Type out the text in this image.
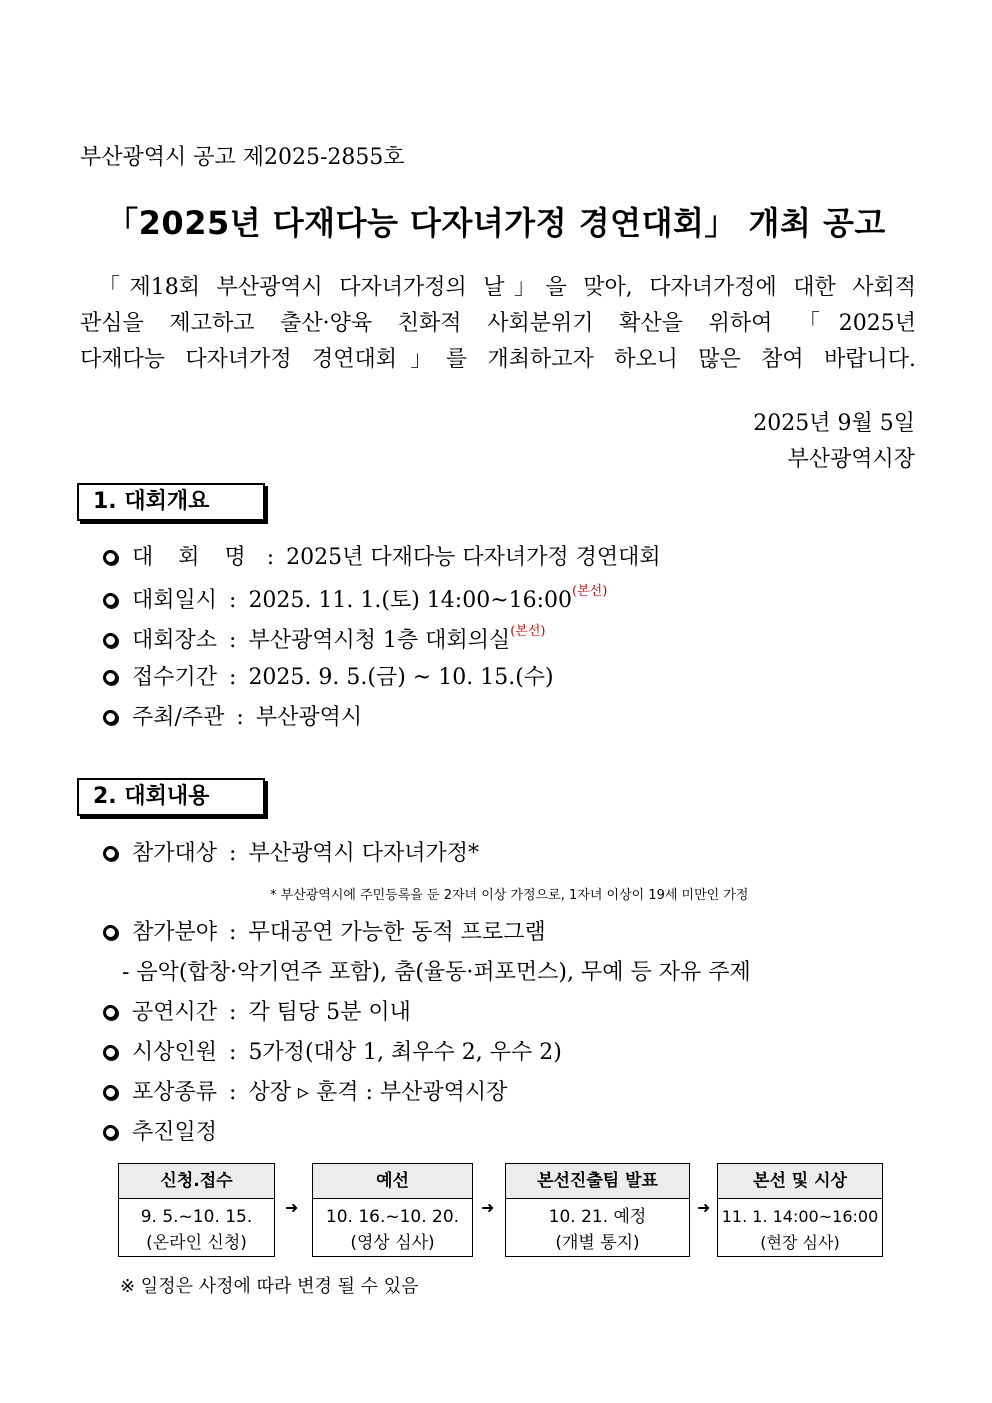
부산광역시 공고 제2025-2855호
「2025년 다재다능 다자녀가정 경연대회」 개최 공고

「제18회 부산광역시 다자녀가정의 날」을 맞아, 다자녀가정에 대한 사회적

관심을 제고하고 출산·양육 친화적 사회분위기 확산을 위하여 「2025년

다재다능 다자녀가정 경연대회」를 개최하고자 하오니 많은 참여 바랍니다.

2025년 9월 5일
부산광역시장
1. 대회개요
대 회 명 : 2025년 다재다능 다자녀가정 경연대회
대회일시 : 2025. 11. 1.(토) $14:00\sim 16:00^{(본선)}$
대회장소 : 부산광역시청 1층 대회의실$^{(본선)}$
접수기간 : 2025. 9. 5.(금) ~ 10. 15.(수)
주최/주관 : 부산광역시
2. 대회내용
참가대상 : 부산광역시 다자녀가정*
* 부산광역시에 주민등록을 둔 2자녀 이상 가정으로, 1자녀 이상이 19세 미만인 가정
참가분야 : 무대공연 가능한 동적 프로그램
- 음악(합창·악기연주 포함), 춤(율동·퍼포먼스), 무예 등 자유 주제
공연시간 : 각 팀당 5분 이내
시상인원 : 5가정(대상 1, 최우수 2, 우수 2)
포상종류 : 상장 ▹ 훈격 : 부산광역시장
추진일정
신청.접수
9. 5.~10. 15.
(온라인 신청)
➜
예선
10. 16.~10. 20.
(영상 심사)
➜
본선진출팀 발표
10. 21. 예정
(개별 통지)
➜
본선 및 시상
11. 1. 14:00~16:00
(현장 심사)
※ 일정은 사정에 따라 변경 될 수 있음
